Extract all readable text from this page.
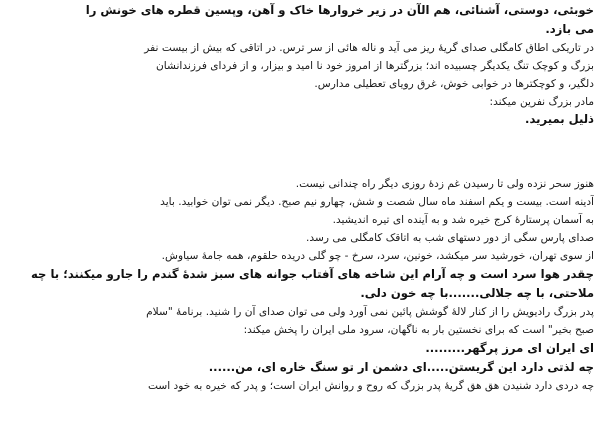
خوبئی، دوستی، آشنائی، هم الآن در زیر خروارها خاک و آهن، وپسین قطره های خونش را
می بازد.
در تاریکی اطاق کامگلی صدای گریهٔ ریز می آید و ناله هائی از سر ترس. در اتاقی که بیش از بیست نفر
بزرگ و کوچک تنگ یکدیگر چسبیده اند؛ بزرگترها از امروز خود نا امید و بیزار، و از فردای فرزندانشان
دلگیر، و کوچکترها در خوابی خوش، غرق رویای تعطیلی مدارس.
مادر بزرگ نفرین میکند:
ذلیل بمیرید.
هنوز سحر نزده ولی تا رسیدن غم زدهٔ روزی دیگر راه چندانی نیست.
آدینه است. بیست و یکم اسفند ماه سال شصت و شش، چهارو نیم صبح. دیگر نمی توان خوابید. باید
به آسمان پرستارهٔ کرج خیره شد و به آینده ای تیره اندیشید.
صدای پارس سگی از دور دستهای شب به اتاقک کامگلی می رسد.
از سوی تهران، خورشید سر میکشد، خونین، سرد، سرخ - چو گلی دریده حلقوم، همه جامهٔ سیاوش.
چقدر هوا سرد است و چه آرام این شاخه های آفتاب جوانه های سبز شدهٔ گندم را جارو میکنند؛ با چه
ملاحتی، با چه جلالی.......با چه خون دلی.
پدر بزرگ رادیویش را از کنار لالهٔ گوشش پائین نمی آورد ولی می توان صدای آن را شنید. برنامهٔ "سلام
صبح بخیر" است که برای نخستین بار به ناگهان، سرود ملی ایران را پخش میکند:
ای ایران ای مرز پرگهر.........
چه لذتی دارد این گریستن.....ای دشمن ار تو سنگ خاره ای، من......
چه دردی دارد شنیدن هق هق گریهٔ پدر بزرگ که روح و روانش ایران است؛ و پدر که خیره به خود است
